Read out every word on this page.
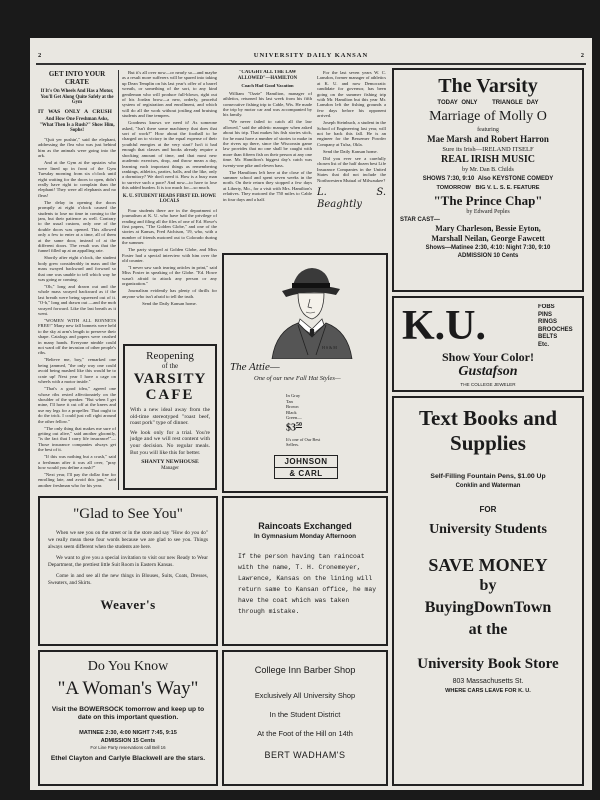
2	UNIVERSITY DAILY KANSAN	2
GET INTO YOUR CRATE
If It's On Wheels And Has a Motor, You'll Get Along Quite Safely at the Gym
IT WAS ONLY A CRUSH
And How One Freshman Asks, "What Then Is a Rush?" Show Him, Sophs!

"Quit yer pushin'," said the elephant, addressing the flea who was just behind him as the animals were going into the ark.

And at the Gym at the upstairs who were lined up in front of the Gym Tuesday morning from six o'clock until eight waiting for the doors to open, didn't really have right to complain than the elephant! They were all elephants and no fleas!

The delay in opening the doors promptly at eight o'clock caused the students to lose no time in coming to the jam, but their patience as well. Contrary to the usual custom, only one of the double doors was opened. This allowed only a few to enter at a time, all of them at the same door, instead of at the different doors. The result was that the funnel filled up at an appalling rate.

Shortly after eight o'clock, the student body grew considerably in mass and the mass swayed backward and forward so that one was unable to tell which way he was going or coming.

"Oh," long and drawn out and the whole mass swayed backward as if the last breath were being squeezed out of it. "O-h," long and drawn out —and the mob swayed forward. Like the last breath as it went.

"WOMEN WITH ALL BONNETS FREE!" Many new fall bonnets were held to the sky at arm's length to preserve their shape. Catalogs and papers were crushed in many hands. Everyone nimble could not ward off the invasion of other people's ribs.

"Believe me, boy," remarked one being jammed, "the only way one could avoid being mashed like this would be to crate up! Next year I have a cage on wheels with a motor inside."

"That's a good idea," agreed one whose ribs rested affectionately on the shoulder of the speaker. "But when I get mine, I'll have it cut off at the knees and use my legs for a propeller. That ought to do the trick. I could just roll right around the other fellow."

"The only thing that makes me sure of getting out alive," said another gloomily, "is the fact that I carry life insurance!"—Those insurance companies always get the best of it.

"If this was nothing but a crush," said a freshman after it was all over, "pray how would you define a rush?"

"Next year, I'll pay the dollar fine for enrolling late, and avoid this jam," said another freshman who for his year.

But it's all over now—or nearly so—and maybe as a result more sufferers will be spared into taking up Dean Templin on his last year's offer of a barrel wreath, or something of the sort, to any kind gentleman who will produce full-blown, right out of his Jordan brow—a new, orderly, peaceful system of registration and enrollment, and which will do all the work without jostling and bruising students and fine tempers.

Goodness knows we need it! As someone asked, "Isn't there some machinery that does that sort of work?" How about the football to be charged on to victory in the equal expense of their youthful energies at the very start? Isn't it bad enough that classes and books already require a shocking amount of time, and that most new academic exercises, drop, and throw mean a day, learning each important things as remembering rankings, athletics, parties, balls, and the like, only a dormitory? We don't need it. How is a busy man to survive such a pace? And now—to have to lose this added burden. It is too much for—so much.

K. U. STUDENT HEADS FIRST ED. HOWE LOCALS

Four students there are in the department of journalism at K. U. who have had the privilege of reading and filing all the files of one of Ed. Howe's first papers, "The Golden Globe," and one of the stories at Kansas, Fred Atchison, '19, who, with a number of friends motored out to Colorado during the summer.

The party stopped at Golden Globe, and Miss Foster had a special interview with him over the old counter.

"I never saw such tearing articles in print," said Miss Foster in speaking of the Globe. "Ed. Howe wasn't afraid to attack any person or any organization."

Journalism evidently has plenty of thrills for anyone who isn't afraid to tell the truth.

Send the Daily Kansan home.
Reopening
of the
VARSITY
CAFE
With a new ideal away from the old-time stereotyped "roast beef, roast pork" type of dinner.
We look only for a trial. You're judge and we will rest content with your decision. No regular meals. But you will like this for better.
SHANTY NEWHOUSE
Manager
"CAUGHT ALL THE LAW ALLOWED"—HAMILTON
Coach Had Good Vacation

William "Ozzie" Hamilton, manager of athletics, returned his last week from his fifth consecutive fishing trip to Cable, Wis. He made the trip by motor car and was accompanied by his family.

"We never failed to catch all the law allowed," said the athletic manager when asked about his trip. That makes his fish stories stick, for he must have a number of stories to make in the rivers up there, since the Wisconsin game law provides that no one shall be caught with more than fifteen fish on their person at any one time. Mr. Hamilton's biggest day's catch was twenty-one pike and eleven bass.

The Hamiltons left here at the close of the summer school and spent seven weeks in the north. On their return they stopped a few days at Liberty, Mo., for a visit with Mrs. Hamilton's relatives. They motored the 750 miles to Cable in four days and a half.

For the last seven years W. C. Lansdon, former manager of athletics at K. U. and now Democratic candidate for governor, has been going on the summer fishing trip with Mr. Hamilton but this year Mr. Lansdon left the fishing grounds a few days before his opponent arrived.

Joseph Steinbuch, a student in the School of Engineering last year, will not be back this fall. He is an engineer for the Bessemer Powder Company at Tulsa, Okla.

Send the Daily Kansan home.

Did you ever see a carefully chosen list of the half dozen best Life Insurance Companies in the United States that did not include the Northwestern Mutual of Milwaukee?

L. S. Beaghtly
H S & M
The Attie—
One of our new Fall Hat Styles—
In Gray
Tan
Brown
Black
Green—
$\$3^{50}$
It's one of Our Best Sellers.
JOHNSON
& CARL
The Varsity
TODAY ONLY TRIANGLE DAY
Marriage of Molly O
featuring
Mae Marsh and Robert Harron
Sure its Irish—IRELAND ITSELF
REAL IRISH MUSIC
by Mr. Dan B. Childs
SHOWS 7:30, 9:10 Also KEYSTONE COMEDY
TOMORROW BIG V. L. S. E. FEATURE
"The Prince Chap"
by Edward Peples
STAR CAST—
Mary Charleson, Bessie Eyton,
Marshall Neilan, George Fawcett
Shows—Matinee 2:30, 4:10: Night 7:30, 9:10
ADMISSION 10 Cents
K.U.	FOBS
PINS
RINGS
BROOCHES
BELTS
Etc.
Show Your Color!
Gustafson
THE COLLEGE JEWELER
Text Books and
Supplies
Self-Filling Fountain Pens, $1.00 Up
Conklin and Waterman
FOR
University Students
SAVE MONEY
by
BuyingDownTown
at the
University Book Store
803 Massachusetts St.
WHERE CARS LEAVE FOR K. U.
"Glad to See You"
When we see you on the street or in the store and say "How do you do" we really mean these four words because we are glad to see you. Things always seem different when the students are here.
We want to give you a special invitation to visit our new Ready to Wear Department, the prettiest little Suit Room in Eastern Kansas.
Come in and see all the new things in Blouses, Suits, Coats, Dresses, Sweaters, and Skirts.
Weaver's
Raincoats Exchanged
In Gymnasium Monday Afternoon
If the person having tan raincoat with the name, T. H. Cronemeyer, Lawrence, Kansas on the lining will return same to Kansan office, he may have the coat which was taken through mistake.
Do You Know
"A Woman's Way"
Visit the BOWERSOCK tomorrow and keep up to date on this important question.
MATINEE 2:30, 4:00 NIGHT 7:45, 9:15
ADMISSION 15 Cents
For Line Party reservations call Bell 16
Ethel Clayton and Carlyle Blackwell are the stars.
College Inn Barber Shop
Exclusively All University Shop
In the Student District
At the Foot of the Hill on 14th
BERT WADHAM'S
